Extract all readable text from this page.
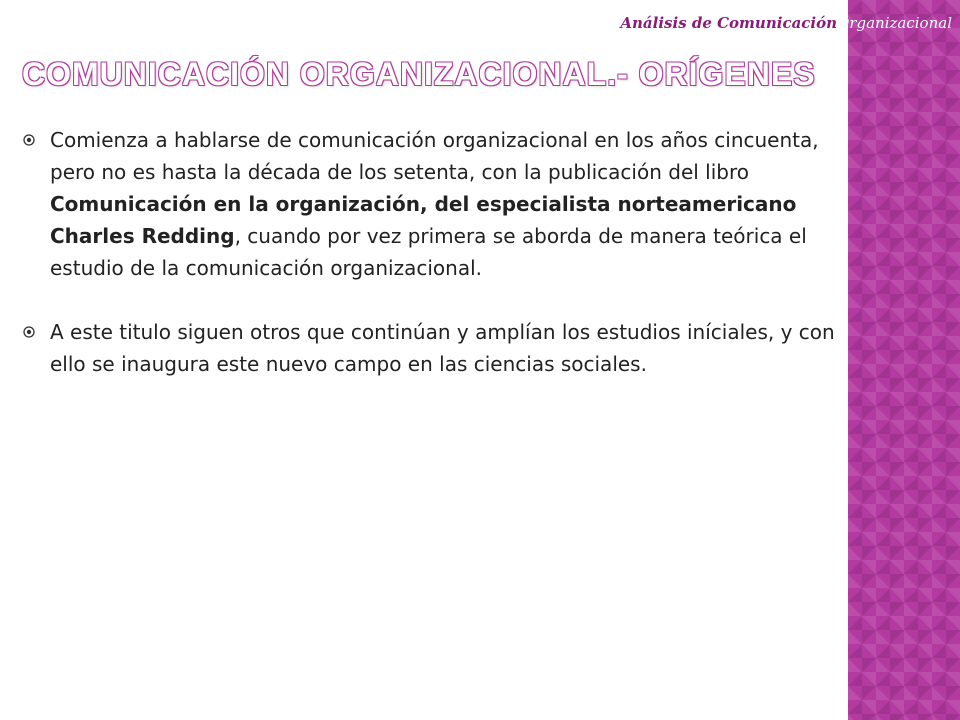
Análisis de ComunicaciónOrganizacional
COMUNICACIÓN ORGANIZACIONAL.- ORÍGENES
Comienza a hablarse de comunicación organizacional en los años cincuenta, pero no es hasta la década de los setenta, con la publicación del libro Comunicación en la organización, del especialista norteamericano Charles Redding, cuando por vez primera se aborda de manera teórica el estudio de la comunicación organizacional.
A este titulo siguen otros que continúan y amplían los estudios iníciales, y con ello se inaugura este nuevo campo en las ciencias sociales.
